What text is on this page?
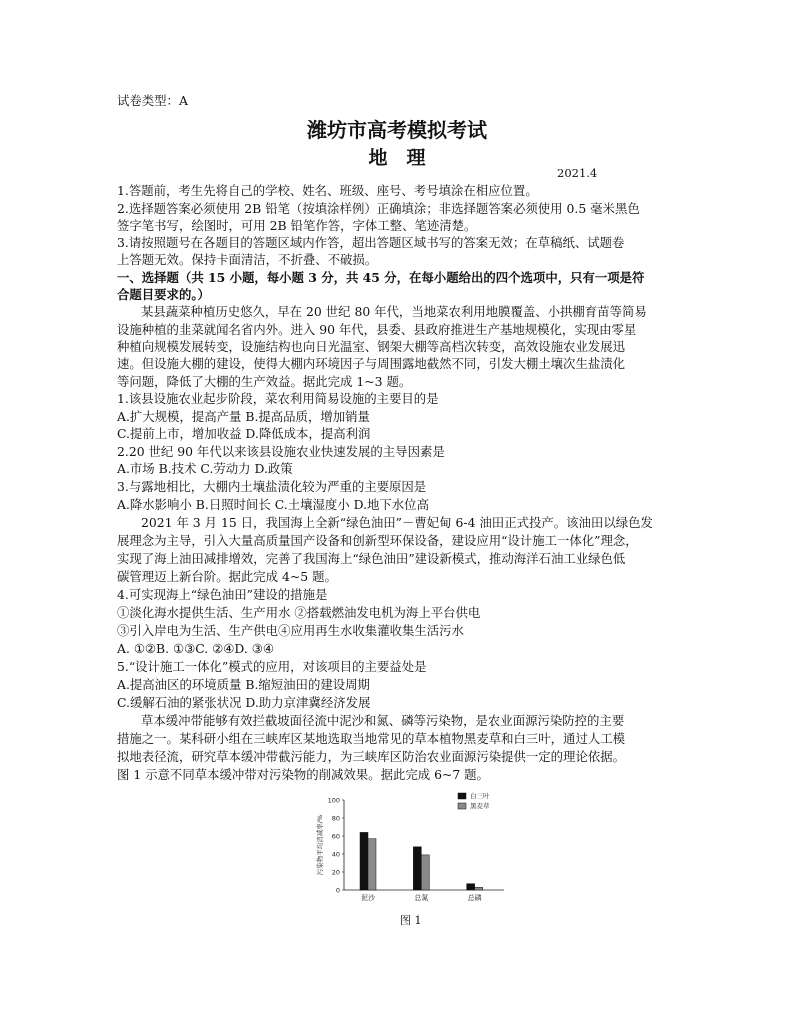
试卷类型：A
潍坊市高考模拟考试
地　理
2021.4
1.答题前，考生先将自己的学校、姓名、班级、座号、考号填涂在相应位置。
2.选择题答案必须使用 2B 铅笔（按填涂样例）正确填涂；非选择题答案必须使用 0.5 毫米黑色
签字笔书写，绘图时，可用 2B 铅笔作答，字体工整、笔迹清楚。
3.请按照题号在各题目的答题区域内作答，超出答题区域书写的答案无效；在草稿纸、试题卷
上答题无效。保持卡面清洁，不折叠、不破损。
一、选择题（共 15 小题，每小题 3 分，共 45 分，在每小题给出的四个选项中，只有一项是符
合题目要求的。）
某县蔬菜种植历史悠久，早在 20 世纪 80 年代，当地菜农利用地膜覆盖、小拱棚育苗等简易
设施种植的韭菜就闻名省内外。进入 90 年代，县委、县政府推进生产基地规模化，实现由零星
种植向规模发展转变，设施结构也向日光温室、钢架大棚等高档次转变，高效设施农业发展迅
速。但设施大棚的建设，使得大棚内环境因子与周围露地截然不同，引发大棚土壤次生盐渍化
等问题，降低了大棚的生产效益。据此完成 1~3 题。
1.该县设施农业起步阶段，菜农利用简易设施的主要目的是
A.扩大规模，提高产量 B.提高品质，增加销量
C.提前上市，增加收益 D.降低成本，提高利润
2.20 世纪 90 年代以来该县设施农业快速发展的主导因素是
A.市场 B.技术 C.劳动力 D.政策
3.与露地相比，大棚内土壤盐渍化较为严重的主要原因是
A.降水影响小 B.日照时间长 C.土壤湿度小 D.地下水位高
2021 年 3 月 15 日，我国海上全新“绿色油田”－曹妃甸 6-4 油田正式投产。该油田以绿色发
展理念为主导，引入大量高质量国产设备和创新型环保设备，建设应用“设计施工一体化”理念，
实现了海上油田减排增效，完善了我国海上“绿色油田”建设新模式，推动海洋石油工业绿色低
碳管理迈上新台阶。据此完成 4~5 题。
4.可实现海上“绿色油田”建设的措施是
①淡化海水提供生活、生产用水 ②搭载燃油发电机为海上平台供电
③引入岸电为生活、生产供电④应用再生水收集灌收集生活污水
A. ①②B. ①③C. ②④D. ③④
5.“设计施工一体化”模式的应用，对该项目的主要益处是
A.提高油区的环境质量 B.缩短油田的建设周期
C.缓解石油的紧张状况 D.助力京津冀经济发展
草本缓冲带能够有效拦截坡面径流中泥沙和氮、磷等污染物，是农业面源污染防控的主要
措施之一。某科研小组在三峡库区某地选取当地常见的草本植物黑麦草和白三叶，通过人工模
拟地表径流，研究草本缓冲带截污能力，为三峡库区防治农业面源污染提供一定的理论依据。
图 1 示意不同草本缓冲带对污染物的削减效果。据此完成 6~7 题。
0
20
40
60
80
100
污染物平均消减率/%
泥沙	总氮	总磷
白三叶
黑麦草
图 1
